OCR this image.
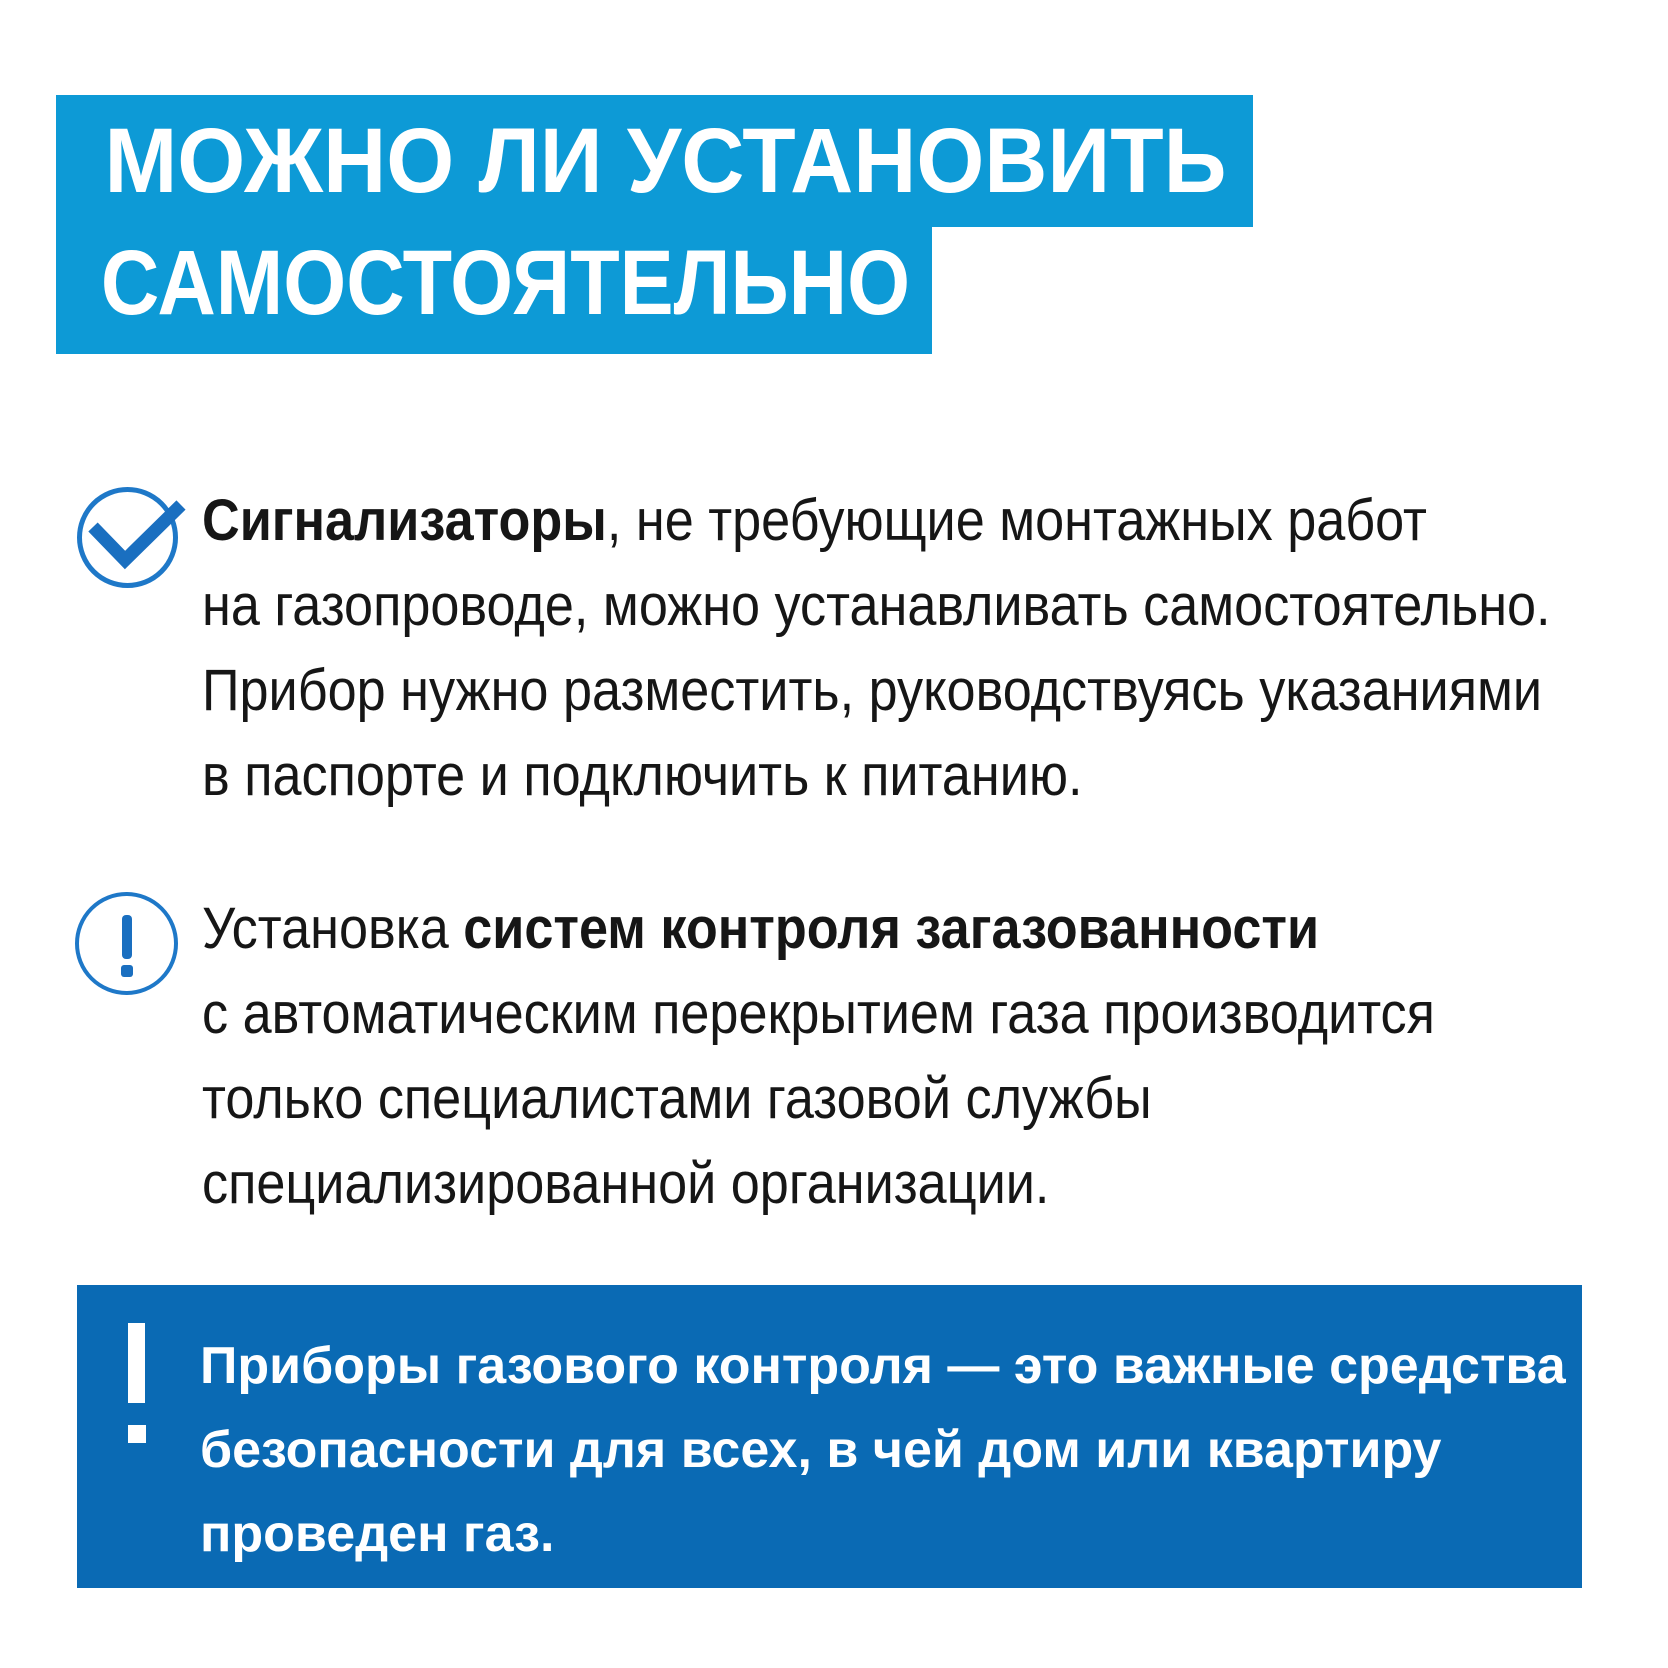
МОЖНО ЛИ УСТАНОВИТЬ
САМОСТОЯТЕЛЬНО
Сигнализаторы, не требующие монтажных работ
на газопроводе, можно устанавливать самостоятельно.
Прибор нужно разместить, руководствуясь указаниями
в паспорте и подключить к питанию.
Установка систем контроля загазованности
с автоматическим перекрытием газа производится
только специалистами газовой службы
специализированной организации.
Приборы газового контроля — это важные средства
безопасности для всех, в чей дом или квартиру
проведен газ.
